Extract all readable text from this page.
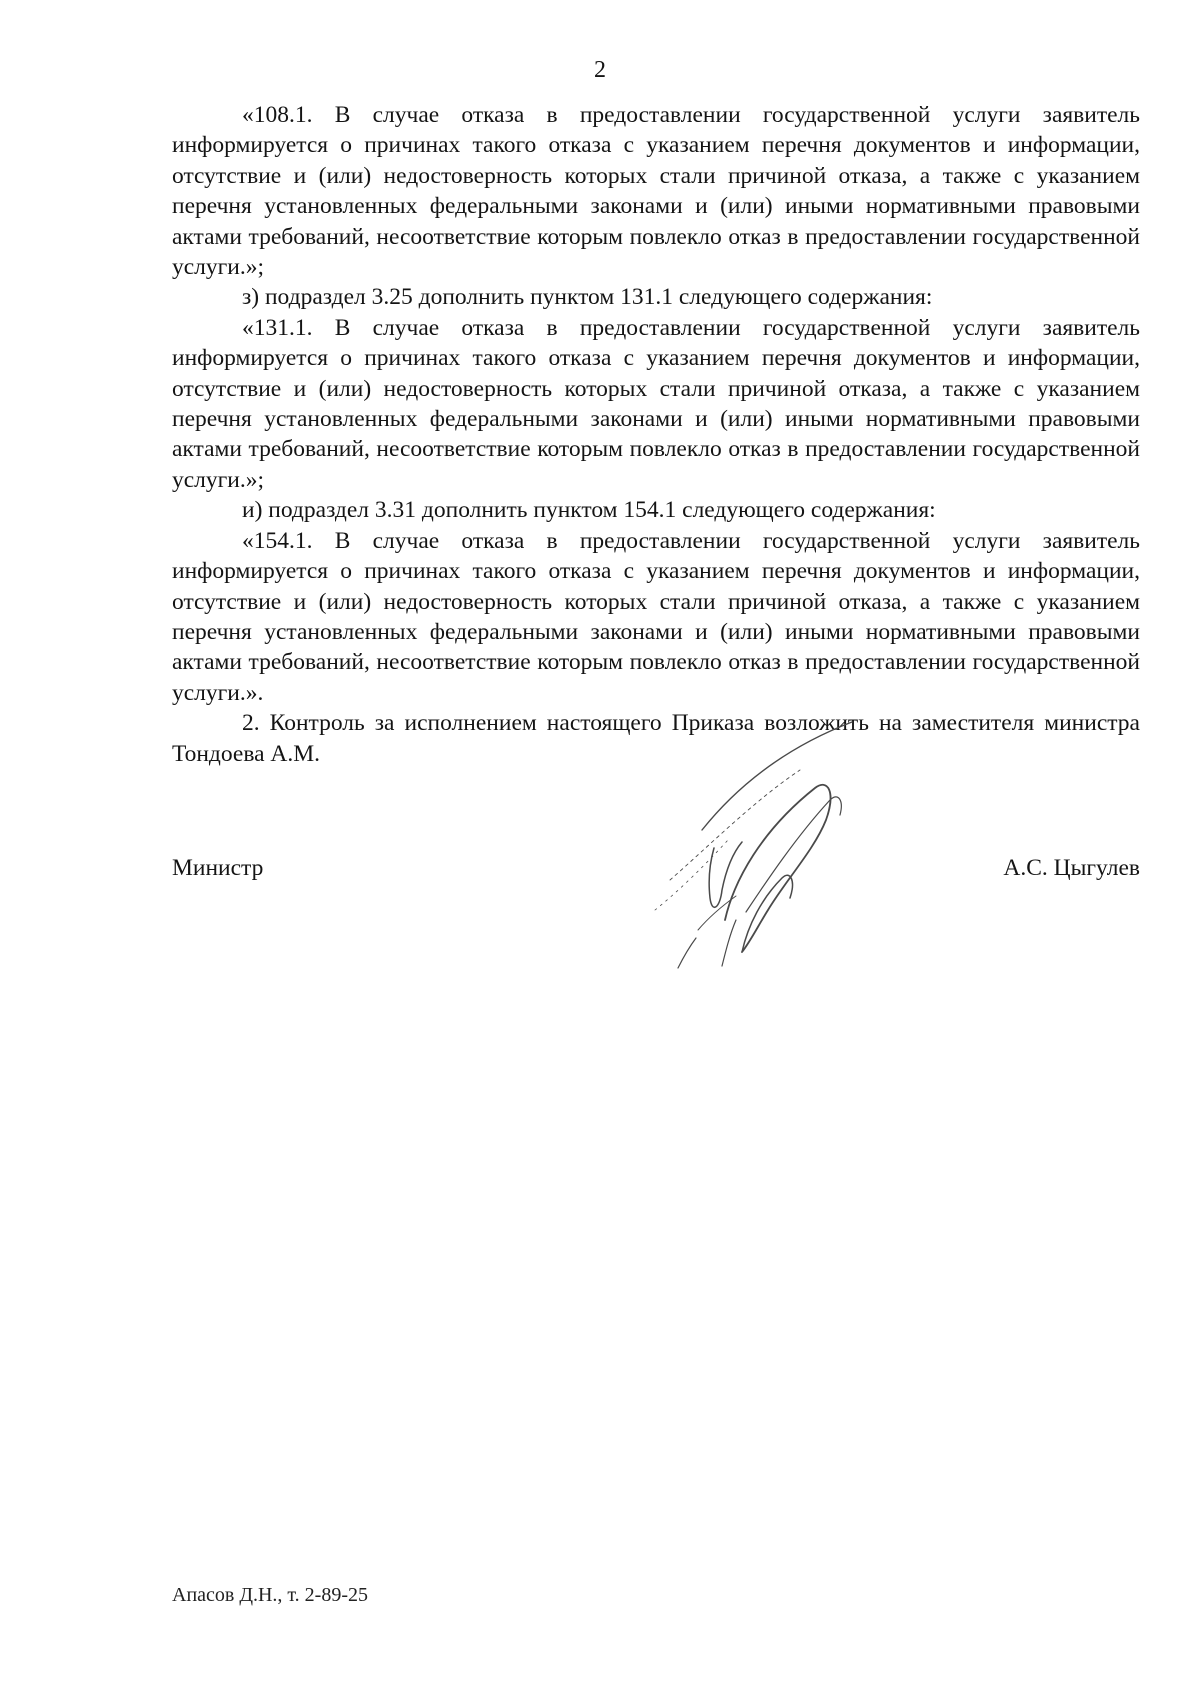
2

«108.1. В случае отказа в предоставлении государственной услуги заявитель информируется о причинах такого отказа с указанием перечня документов и информации, отсутствие и (или) недостоверность которых стали причиной отказа, а также с указанием перечня установленных федеральными законами и (или) иными нормативными правовыми актами требований, несоответствие которым повлекло отказ в предоставлении государственной услуги.»;

з) подраздел 3.25 дополнить пунктом 131.1 следующего содержания:

«131.1. В случае отказа в предоставлении государственной услуги заявитель информируется о причинах такого отказа с указанием перечня документов и информации, отсутствие и (или) недостоверность которых стали причиной отказа, а также с указанием перечня установленных федеральными законами и (или) иными нормативными правовыми актами требований, несоответствие которым повлекло отказ в предоставлении государственной услуги.»;

и) подраздел 3.31 дополнить пунктом 154.1 следующего содержания:

«154.1. В случае отказа в предоставлении государственной услуги заявитель информируется о причинах такого отказа с указанием перечня документов и информации, отсутствие и (или) недостоверность которых стали причиной отказа, а также с указанием перечня установленных федеральными законами и (или) иными нормативными правовыми актами требований, несоответствие которым повлекло отказ в предоставлении государственной услуги.».

2. Контроль за исполнением настоящего Приказа возложить на заместителя министра Тондоева А.М.

Министр	А.С. Цыгулев
Апасов Д.Н., т. 2-89-25
